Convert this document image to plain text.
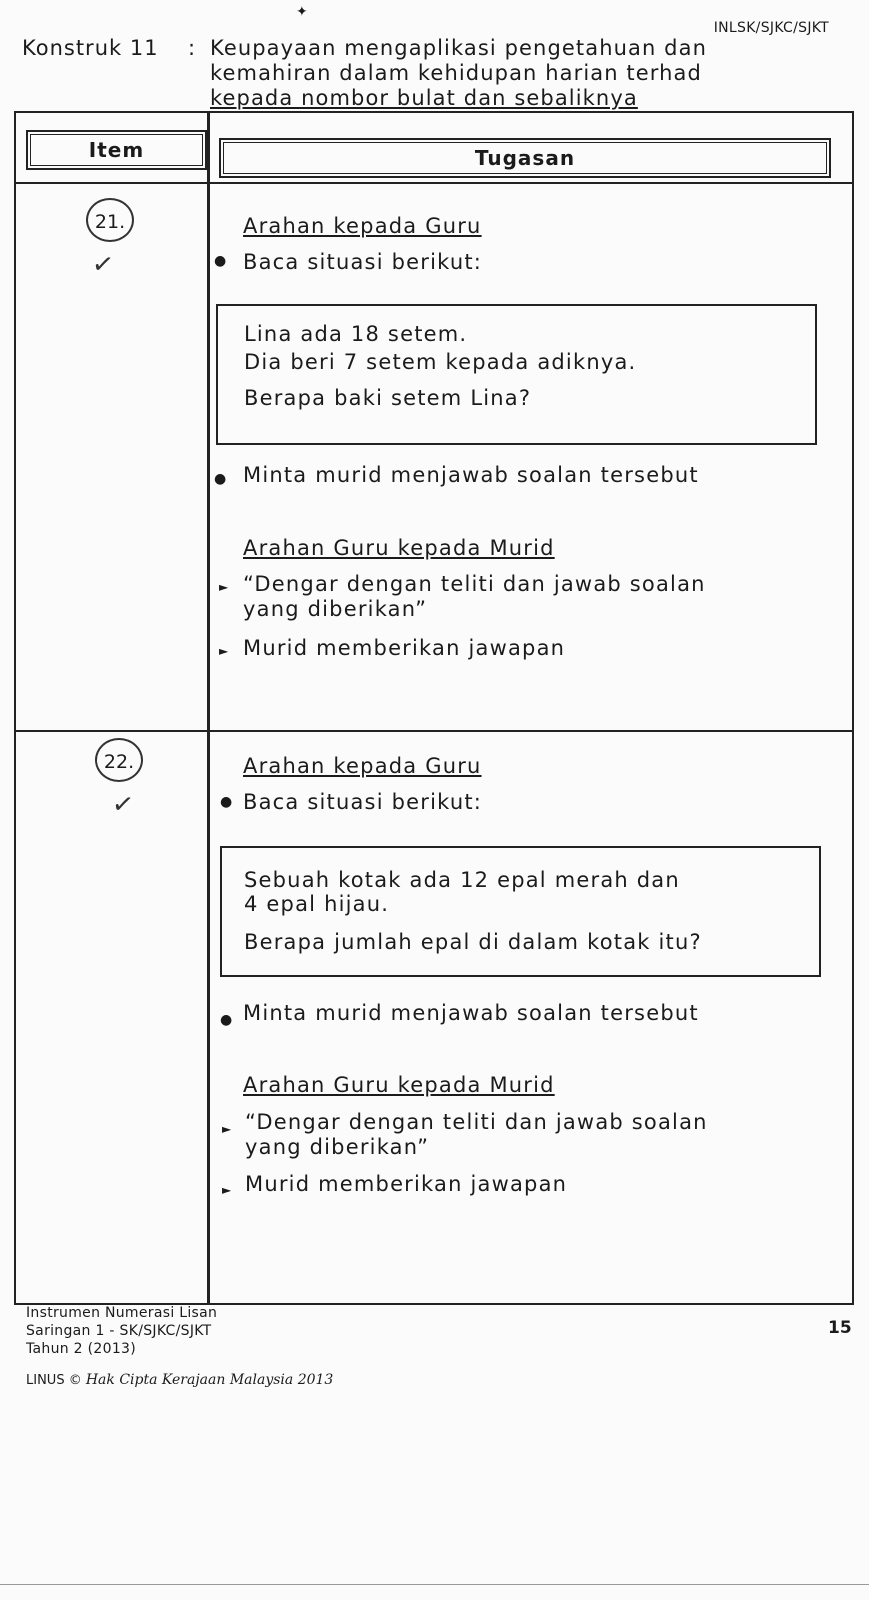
✦
INLSK/SJKC/SJKT
Konstruk 11 : Keupayaan mengaplikasi pengetahuan dan
kemahiran dalam kehidupan harian terhad
kepada nombor bulat dan sebaliknya
Item	Tugasan
21.
✓
Arahan kepada Guru
● Baca situasi berikut:

Lina ada 18 setem.

Dia beri 7 setem kepada adiknya.

Berapa baki setem Lina?

● Minta murid menjawab soalan tersebut
Arahan Guru kepada Murid
► “Dengar dengan teliti dan jawab soalan
yang diberikan”
► Murid memberikan jawapan
22.
✓
Arahan kepada Guru
● Baca situasi berikut:

Sebuah kotak ada 12 epal merah dan

4 epal hijau.

Berapa jumlah epal di dalam kotak itu?

● Minta murid menjawab soalan tersebut
Arahan Guru kepada Murid
► “Dengar dengan teliti dan jawab soalan
yang diberikan”
► Murid memberikan jawapan
Instrumen Numerasi Lisan
Saringan 1 - SK/SJKC/SJKT
Tahun 2 (2013)
15
LINUS © Hak Cipta Kerajaan Malaysia 2013
